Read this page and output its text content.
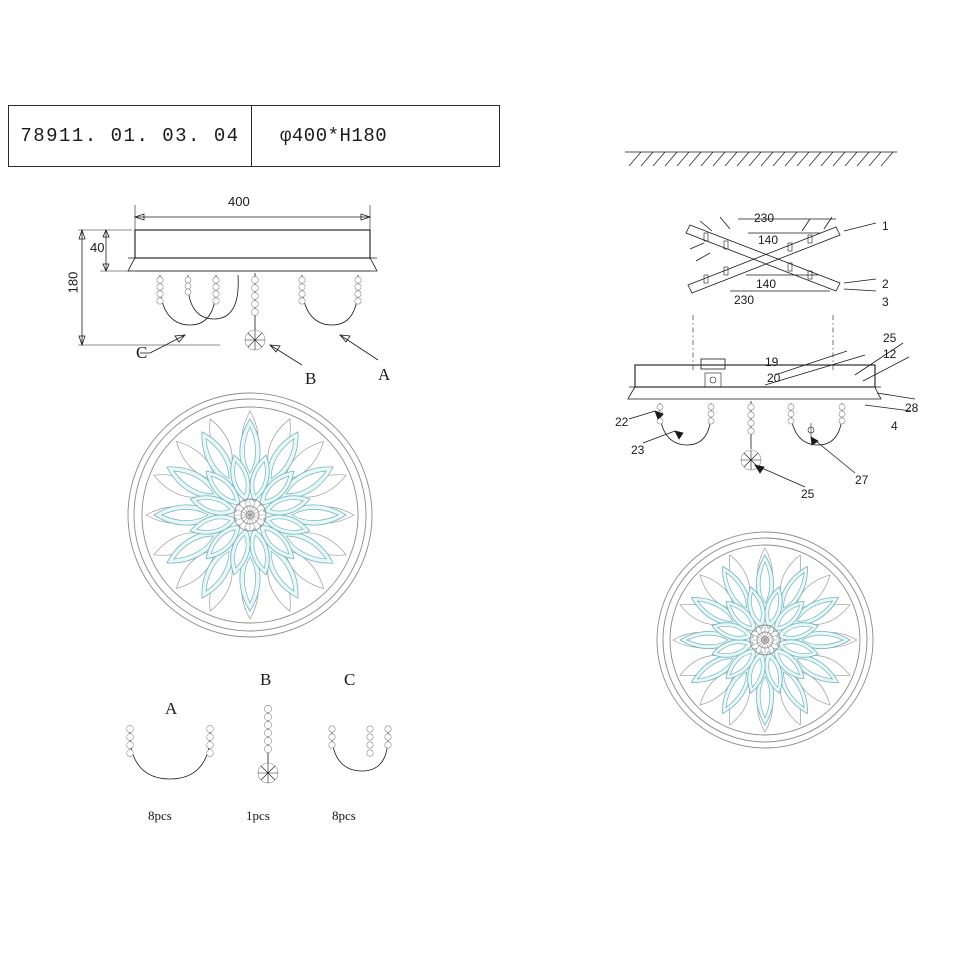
78911. 01. 03. 04	φ400*H180
400
180
40
A
B
C
A
8pcs
B
1pcs
C
8pcs
230
140
140
230
1
2
3
19
20
25
12
28
4
22
23
25
27
